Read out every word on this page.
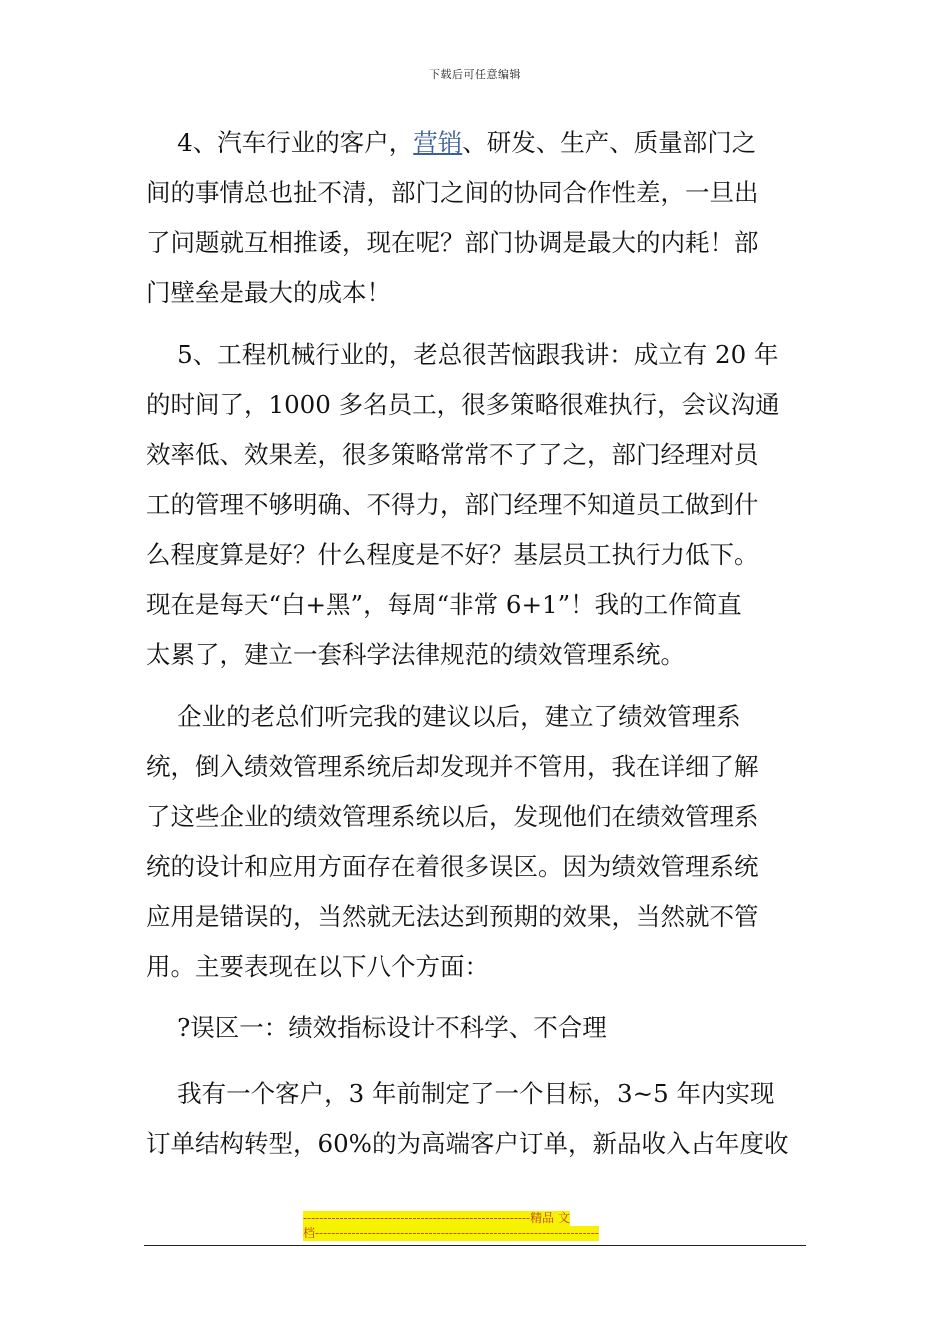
下载后可任意编辑
4、汽车行业的客户，营销、研发、生产、质量部门之
间的事情总也扯不清，部门之间的协同合作性差，一旦出
了问题就互相推诿，现在呢？部门协调是最大的内耗！部
门壁垒是最大的成本！
5、工程机械行业的，老总很苦恼跟我讲：成立有 20 年
的时间了，1000 多名员工，很多策略很难执行，会议沟通
效率低、效果差，很多策略常常不了了之，部门经理对员
工的管理不够明确、不得力，部门经理不知道员工做到什
么程度算是好？什么程度是不好？基层员工执行力低下。
现在是每天“白+黑”，每周“非常 6+1”！我的工作简直
太累了，建立一套科学法律规范的绩效管理系统。
企业的老总们听完我的建议以后，建立了绩效管理系
统，倒入绩效管理系统后却发现并不管用，我在详细了解
了这些企业的绩效管理系统以后，发现他们在绩效管理系
统的设计和应用方面存在着很多误区。因为绩效管理系统
应用是错误的，当然就无法达到预期的效果，当然就不管
用。主要表现在以下八个方面：
?误区一：绩效指标设计不科学、不合理
我有一个客户，3 年前制定了一个目标，3~5 年内实现
订单结构转型，60%的为高端客户订单，新品收入占年度收
--------------------------------------------------------精品 文
档----------------------------------------------------------------------
